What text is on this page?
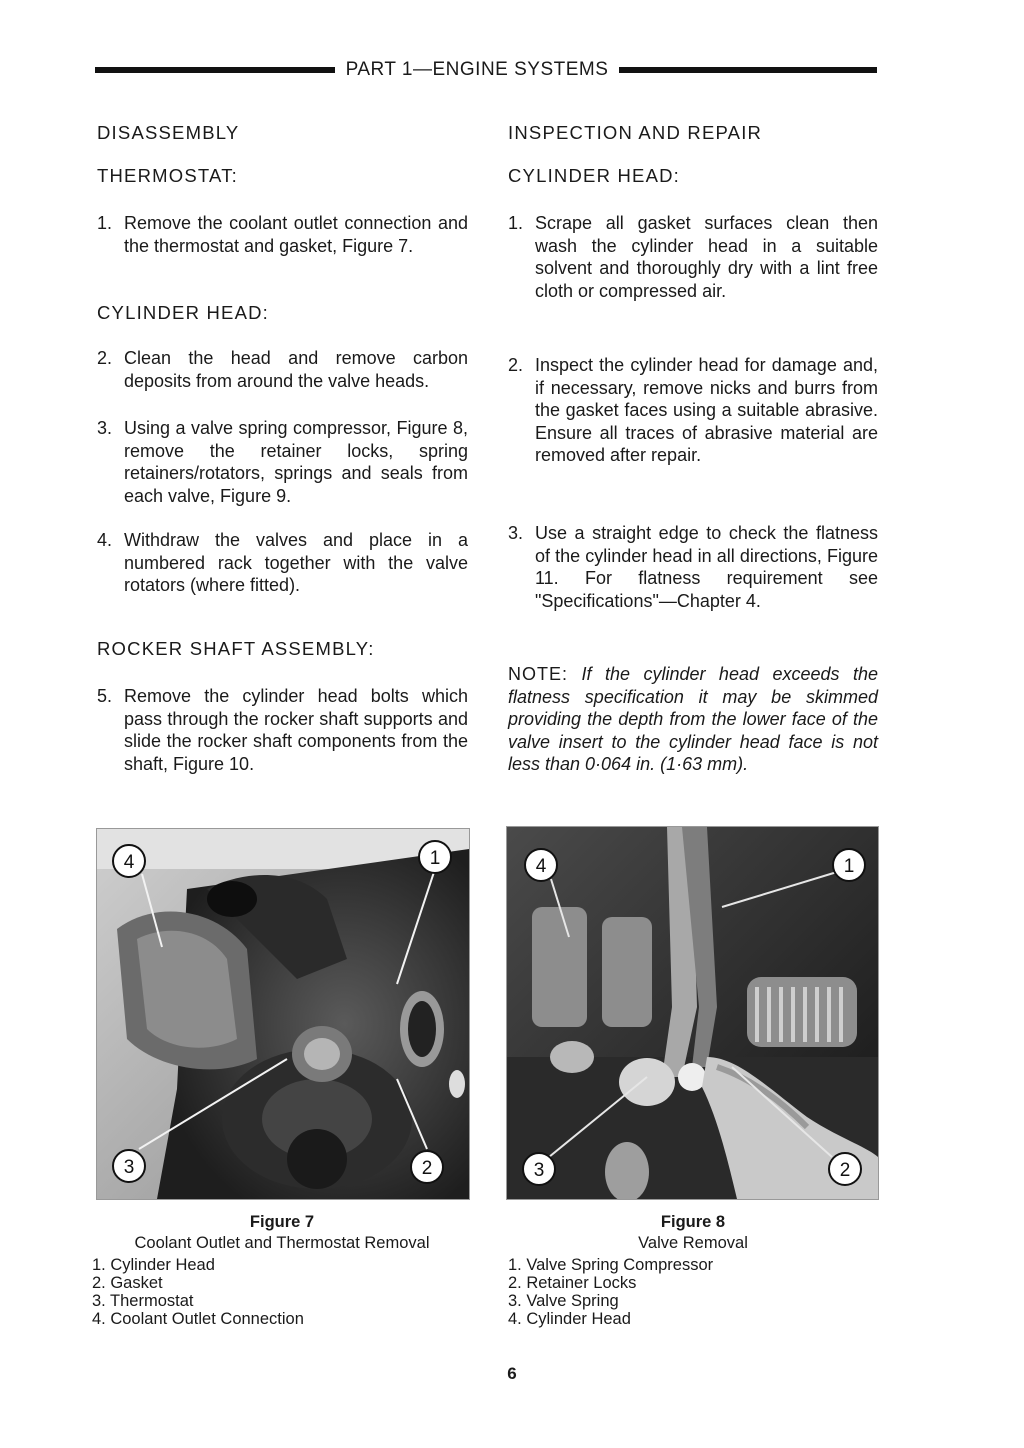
PART 1—ENGINE SYSTEMS
DISASSEMBLY
THERMOSTAT:
1. Remove the coolant outlet connection and the thermostat and gasket, Figure 7.
CYLINDER HEAD:
2. Clean the head and remove carbon deposits from around the valve heads.
3. Using a valve spring compressor, Figure 8, remove the retainer locks, spring retainers/rotators, springs and seals from each valve, Figure 9.
4. Withdraw the valves and place in a numbered rack together with the valve rotators (where fitted).
ROCKER SHAFT ASSEMBLY:
5. Remove the cylinder head bolts which pass through the rocker shaft supports and slide the rocker shaft components from the shaft, Figure 10.
INSPECTION AND REPAIR
CYLINDER HEAD:
1. Scrape all gasket surfaces clean then wash the cylinder head in a suitable solvent and thoroughly dry with a lint free cloth or compressed air.
2. Inspect the cylinder head for damage and, if necessary, remove nicks and burrs from the gasket faces using a suitable abrasive. Ensure all traces of abrasive material are removed after repair.
3. Use a straight edge to check the flatness of the cylinder head in all directions, Figure 11. For flatness requirement see "Specifications"—Chapter 4.
NOTE: If the cylinder head exceeds the flatness specification it may be skimmed providing the depth from the lower face of the valve insert to the cylinder head face is not less than 0·064 in. (1·63 mm).
4	1
3	2
4	1
3	2
Figure 7
Coolant Outlet and Thermostat Removal
1. Cylinder Head
2. Gasket
3. Thermostat
4. Coolant Outlet Connection
Figure 8
Valve Removal
1. Valve Spring Compressor
2. Retainer Locks
3. Valve Spring
4. Cylinder Head
6
